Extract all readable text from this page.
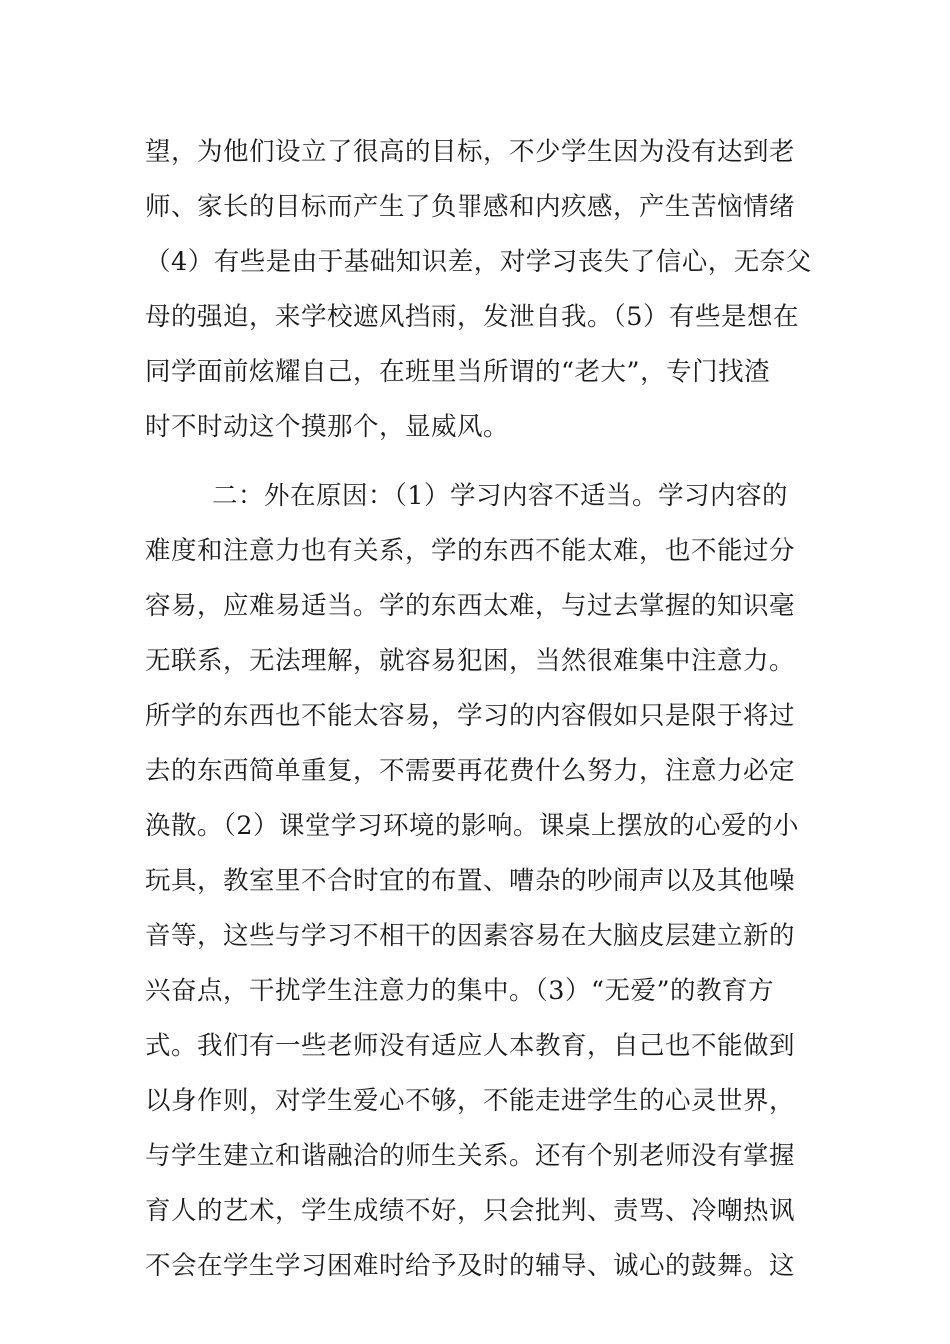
望，为他们设立了很高的目标，不少学生因为没有达到老
师、家长的目标而产生了负罪感和内疚感，产生苦恼情绪
（4）有些是由于基础知识差，对学习丧失了信心，无奈父
母的强迫，来学校遮风挡雨，发泄自我。（5）有些是想在
同学面前炫耀自己，在班里当所谓的“老大”，专门找渣
时不时动这个摸那个，显威风。
二：外在原因：（1）学习内容不适当。学习内容的
难度和注意力也有关系，学的东西不能太难，也不能过分
容易，应难易适当。学的东西太难，与过去掌握的知识毫
无联系，无法理解，就容易犯困，当然很难集中注意力。
所学的东西也不能太容易，学习的内容假如只是限于将过
去的东西简单重复，不需要再花费什么努力，注意力必定
涣散。（2）课堂学习环境的影响。课桌上摆放的心爱的小
玩具，教室里不合时宜的布置、嘈杂的吵闹声以及其他噪
音等，这些与学习不相干的因素容易在大脑皮层建立新的
兴奋点，干扰学生注意力的集中。（3）“无爱”的教育方
式。我们有一些老师没有适应人本教育，自己也不能做到
以身作则，对学生爱心不够，不能走进学生的心灵世界，
与学生建立和谐融洽的师生关系。还有个别老师没有掌握
育人的艺术，学生成绩不好，只会批判、责骂、冷嘲热讽
不会在学生学习困难时给予及时的辅导、诚心的鼓舞。这
